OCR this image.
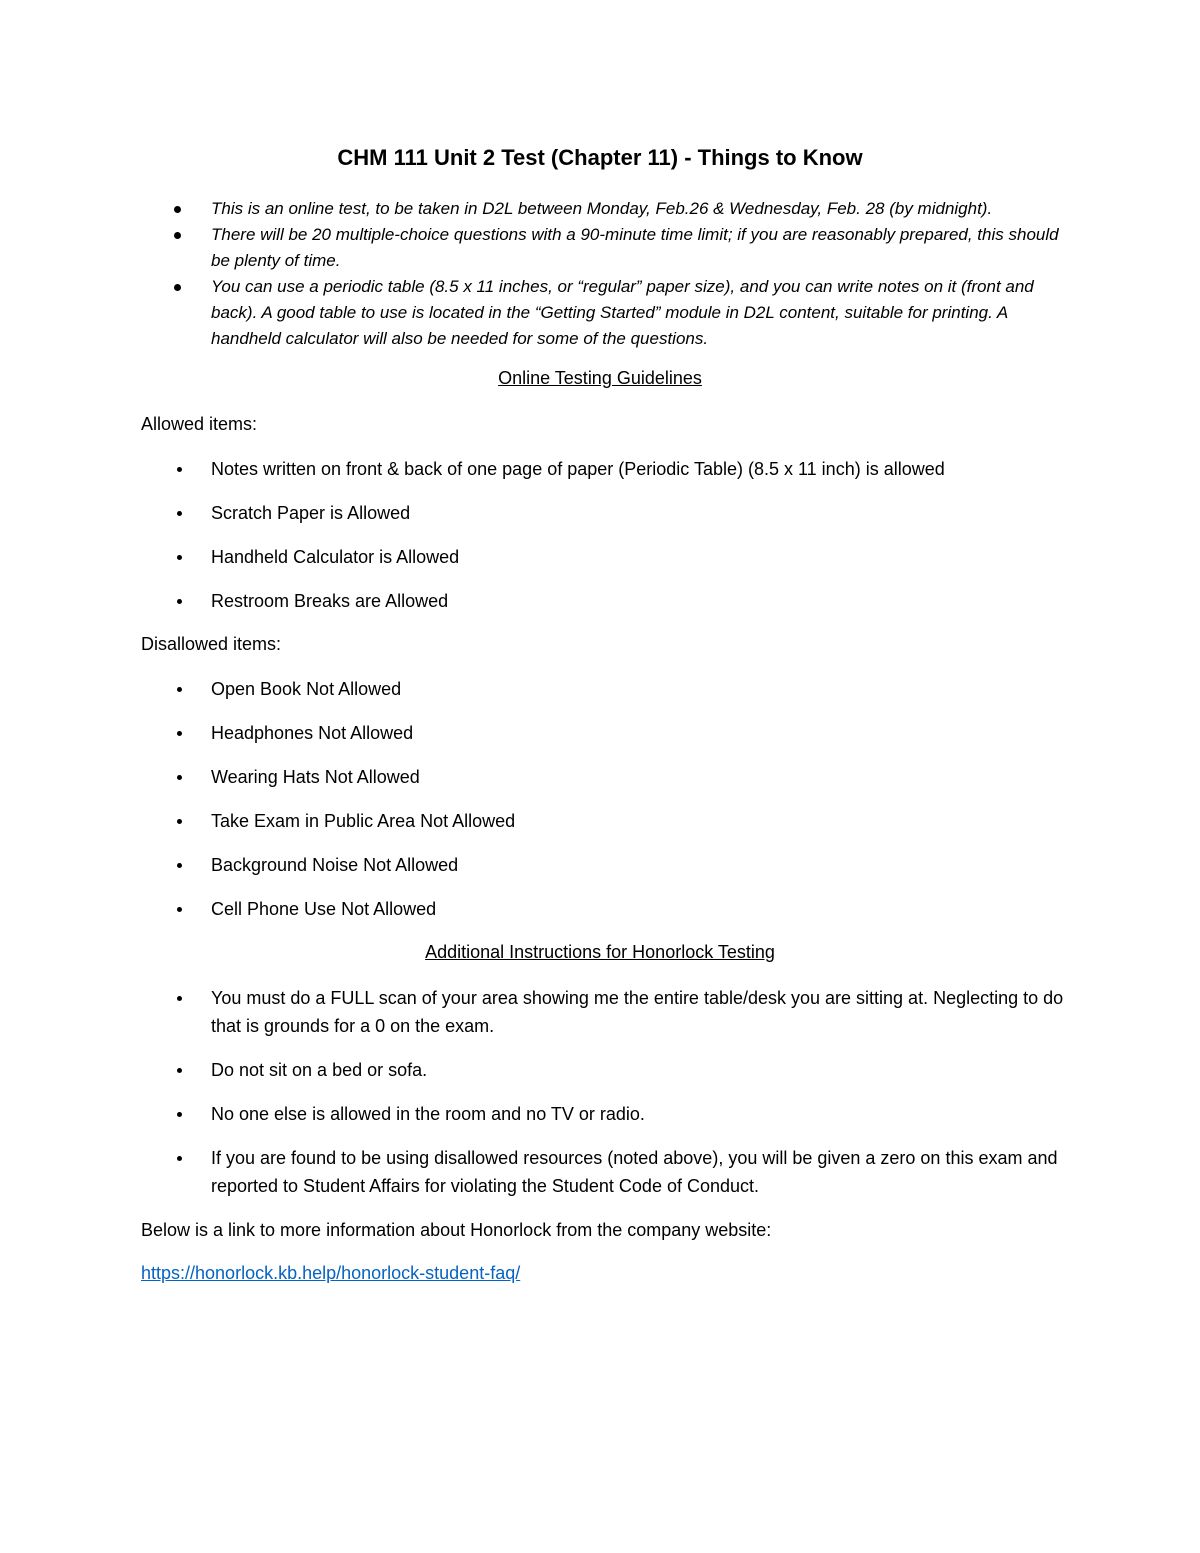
CHM 111 Unit 2 Test (Chapter 11) - Things to Know
This is an online test, to be taken in D2L between Monday, Feb.26 & Wednesday, Feb. 28 (by midnight).
There will be 20 multiple-choice questions with a 90-minute time limit; if you are reasonably prepared, this should be plenty of time.
You can use a periodic table (8.5 x 11 inches, or “regular” paper size), and you can write notes on it (front and back). A good table to use is located in the “Getting Started” module in D2L content, suitable for printing. A handheld calculator will also be needed for some of the questions.
Online Testing Guidelines
Allowed items:
Notes written on front & back of one page of paper (Periodic Table) (8.5 x 11 inch) is allowed
Scratch Paper is Allowed
Handheld Calculator is Allowed
Restroom Breaks are Allowed
Disallowed items:
Open Book Not Allowed
Headphones Not Allowed
Wearing Hats Not Allowed
Take Exam in Public Area Not Allowed
Background Noise Not Allowed
Cell Phone Use Not Allowed
Additional Instructions for Honorlock Testing
You must do a FULL scan of your area showing me the entire table/desk you are sitting at. Neglecting to do that is grounds for a 0 on the exam.
Do not sit on a bed or sofa.
No one else is allowed in the room and no TV or radio.
If you are found to be using disallowed resources (noted above), you will be given a zero on this exam and reported to Student Affairs for violating the Student Code of Conduct.
Below is a link to more information about Honorlock from the company website:
https://honorlock.kb.help/honorlock-student-faq/
